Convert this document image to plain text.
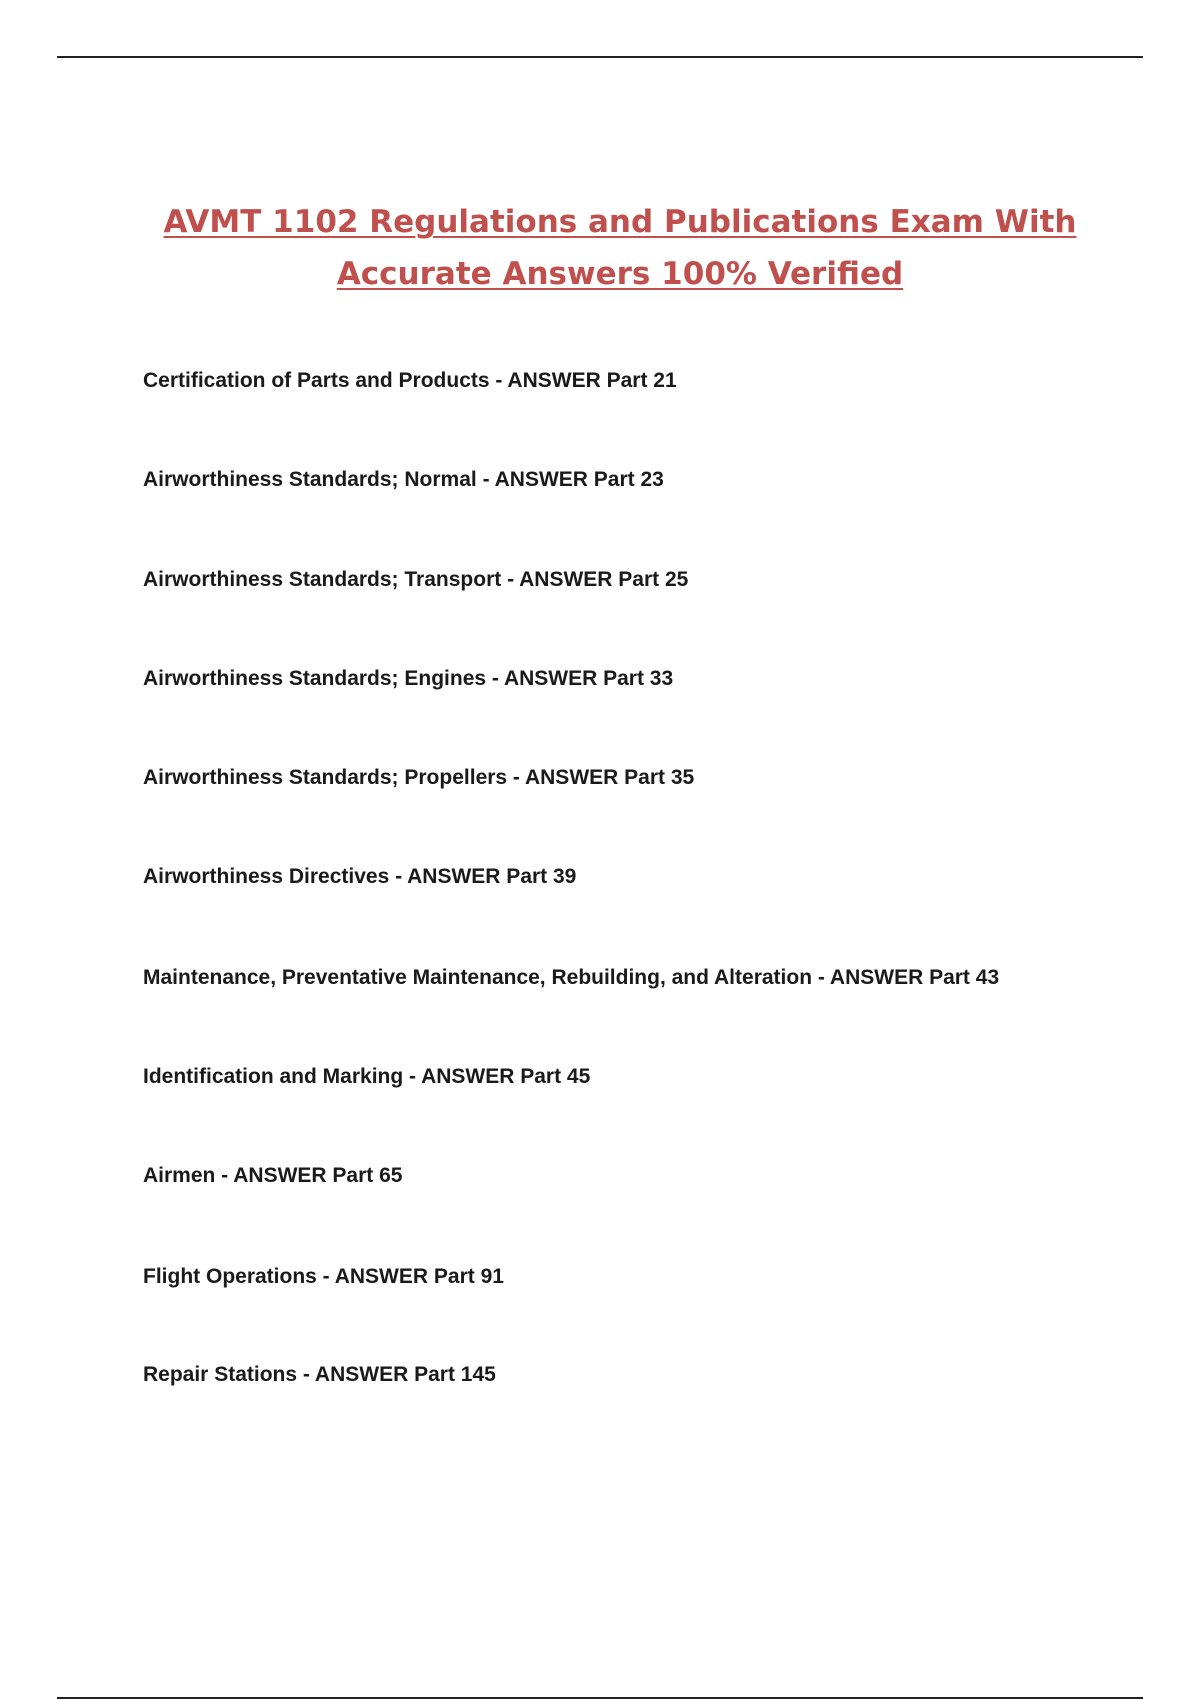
AVMT 1102 Regulations and Publications Exam With
Accurate Answers 100% Verified

Certification of Parts and Products - ANSWER Part 21

Airworthiness Standards; Normal - ANSWER Part 23

Airworthiness Standards; Transport - ANSWER Part 25

Airworthiness Standards; Engines - ANSWER Part 33

Airworthiness Standards; Propellers - ANSWER Part 35

Airworthiness Directives - ANSWER Part 39

Maintenance, Preventative Maintenance, Rebuilding, and Alteration - ANSWER Part 43

Identification and Marking - ANSWER Part 45

Airmen - ANSWER Part 65

Flight Operations - ANSWER Part 91

Repair Stations - ANSWER Part 145
